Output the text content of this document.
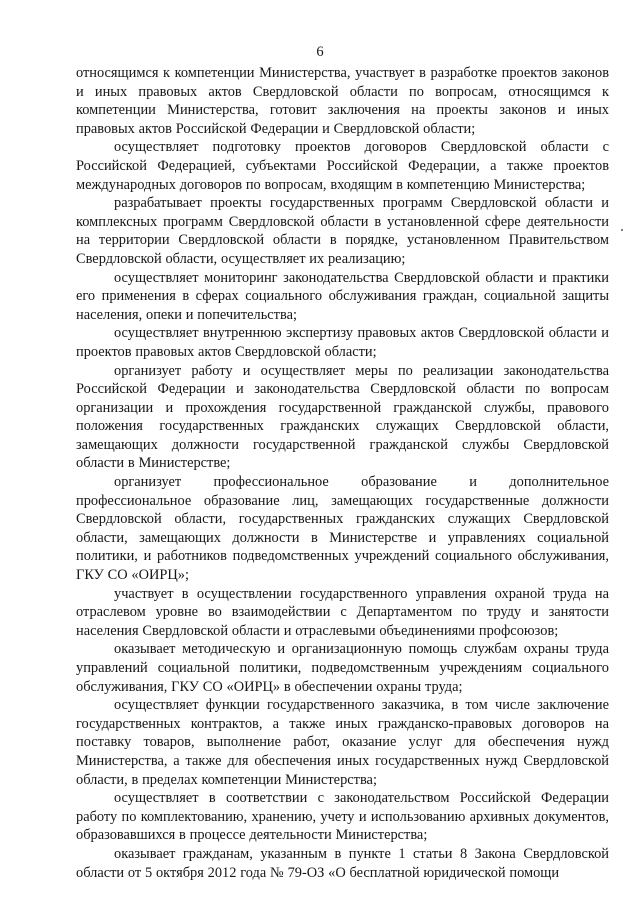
6

относящимся к компетенции Министерства, участвует в разработке проектов законов и иных правовых актов Свердловской области по вопросам, относящимся к компетенции Министерства, готовит заключения на проекты законов и иных правовых актов Российской Федерации и Свердловской области;

осуществляет подготовку проектов договоров Свердловской области с Российской Федерацией, субъектами Российской Федерации, а также проектов международных договоров по вопросам, входящим в компетенцию Министерства;

разрабатывает проекты государственных программ Свердловской области и комплексных программ Свердловской области в установленной сфере деятельности на территории Свердловской области в порядке, установленном Правительством Свердловской области, осуществляет их реализацию;

осуществляет мониторинг законодательства Свердловской области и практики его применения в сферах социального обслуживания граждан, социальной защиты населения, опеки и попечительства;

осуществляет внутреннюю экспертизу правовых актов Свердловской области и проектов правовых актов Свердловской области;

организует работу и осуществляет меры по реализации законодательства Российской Федерации и законодательства Свердловской области по вопросам организации и прохождения государственной гражданской службы, правового положения государственных гражданских служащих Свердловской области, замещающих должности государственной гражданской службы Свердловской области в Министерстве;

организует профессиональное образование и дополнительное профессиональное образование лиц, замещающих государственные должности Свердловской области, государственных гражданских служащих Свердловской области, замещающих должности в Министерстве и управлениях социальной политики, и работников подведомственных учреждений социального обслуживания, ГКУ СО «ОИРЦ»;

участвует в осуществлении государственного управления охраной труда на отраслевом уровне во взаимодействии с Департаментом по труду и занятости населения Свердловской области и отраслевыми объединениями профсоюзов;

оказывает методическую и организационную помощь службам охраны труда управлений социальной политики, подведомственным учреждениям социального обслуживания, ГКУ СО «ОИРЦ» в обеспечении охраны труда;

осуществляет функции государственного заказчика, в том числе заключение государственных контрактов, а также иных гражданско-правовых договоров на поставку товаров, выполнение работ, оказание услуг для обеспечения нужд Министерства, а также для обеспечения иных государственных нужд Свердловской области, в пределах компетенции Министерства;

осуществляет в соответствии с законодательством Российской Федерации работу по комплектованию, хранению, учету и использованию архивных документов, образовавшихся в процессе деятельности Министерства;

оказывает гражданам, указанным в пункте 1 статьи 8 Закона Свердловской области от 5 октября 2012 года № 79-ОЗ «О бесплатной юридической помощи
